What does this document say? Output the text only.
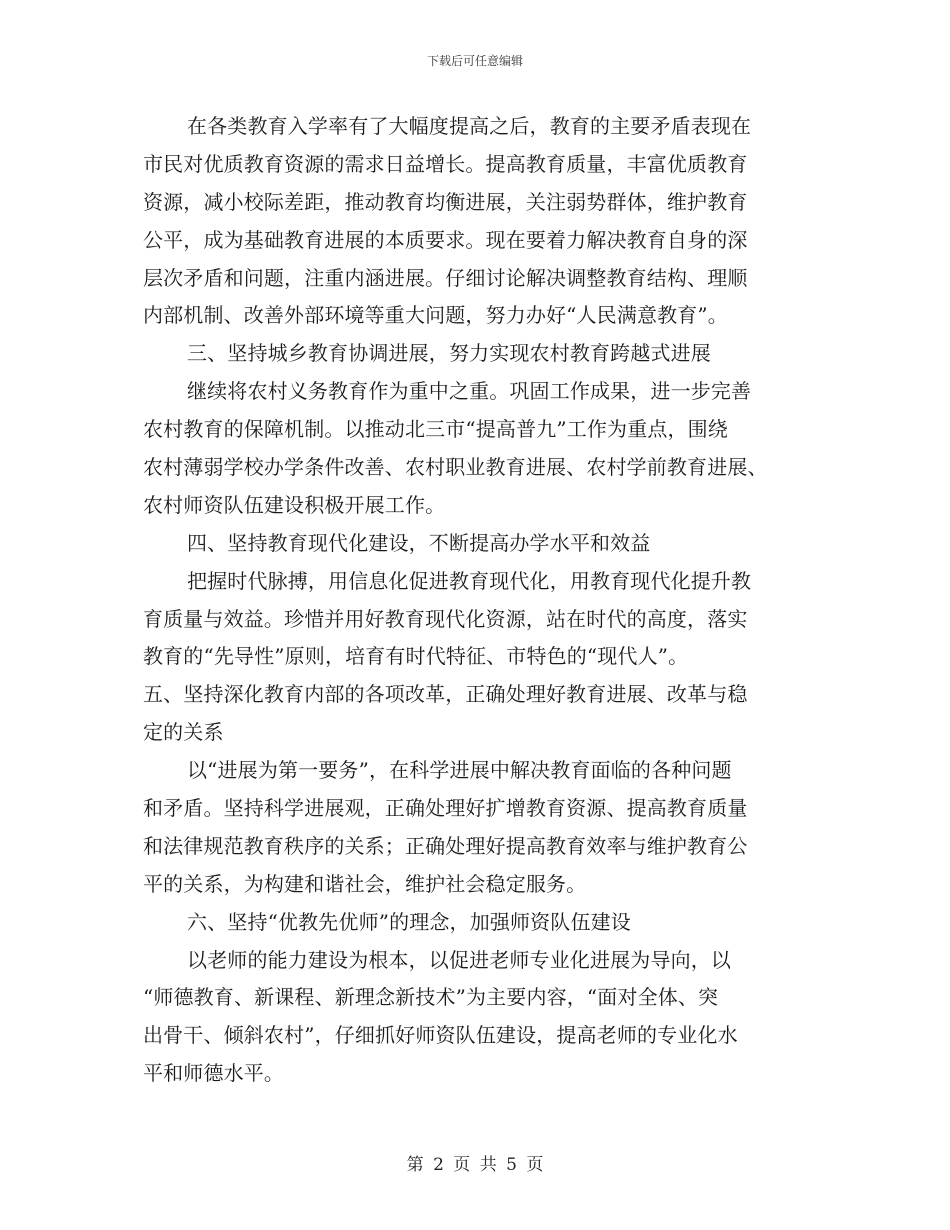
下载后可任意编辑
在各类教育入学率有了大幅度提高之后，教育的主要矛盾表现在
市民对优质教育资源的需求日益增长。提高教育质量，丰富优质教育
资源，减小校际差距，推动教育均衡进展，关注弱势群体，维护教育
公平，成为基础教育进展的本质要求。现在要着力解决教育自身的深
层次矛盾和问题，注重内涵进展。仔细讨论解决调整教育结构、理顺
内部机制、改善外部环境等重大问题，努力办好“人民满意教育”。
三、坚持城乡教育协调进展，努力实现农村教育跨越式进展
继续将农村义务教育作为重中之重。巩固工作成果，进一步完善
农村教育的保障机制。以推动北三市“提高普九”工作为重点，围绕
农村薄弱学校办学条件改善、农村职业教育进展、农村学前教育进展、
农村师资队伍建设积极开展工作。
四、坚持教育现代化建设，不断提高办学水平和效益
把握时代脉搏，用信息化促进教育现代化，用教育现代化提升教
育质量与效益。珍惜并用好教育现代化资源，站在时代的高度，落实
教育的“先导性”原则，培育有时代特征、市特色的“现代人”。
五、坚持深化教育内部的各项改革，正确处理好教育进展、改革与稳
定的关系
以“进展为第一要务”，在科学进展中解决教育面临的各种问题
和矛盾。坚持科学进展观，正确处理好扩增教育资源、提高教育质量
和法律规范教育秩序的关系；正确处理好提高教育效率与维护教育公
平的关系，为构建和谐社会，维护社会稳定服务。
六、坚持“优教先优师”的理念，加强师资队伍建设
以老师的能力建设为根本，以促进老师专业化进展为导向，以
“师德教育、新课程、新理念新技术”为主要内容，“面对全体、突
出骨干、倾斜农村”，仔细抓好师资队伍建设，提高老师的专业化水
平和师德水平。
第 2 页 共 5 页
